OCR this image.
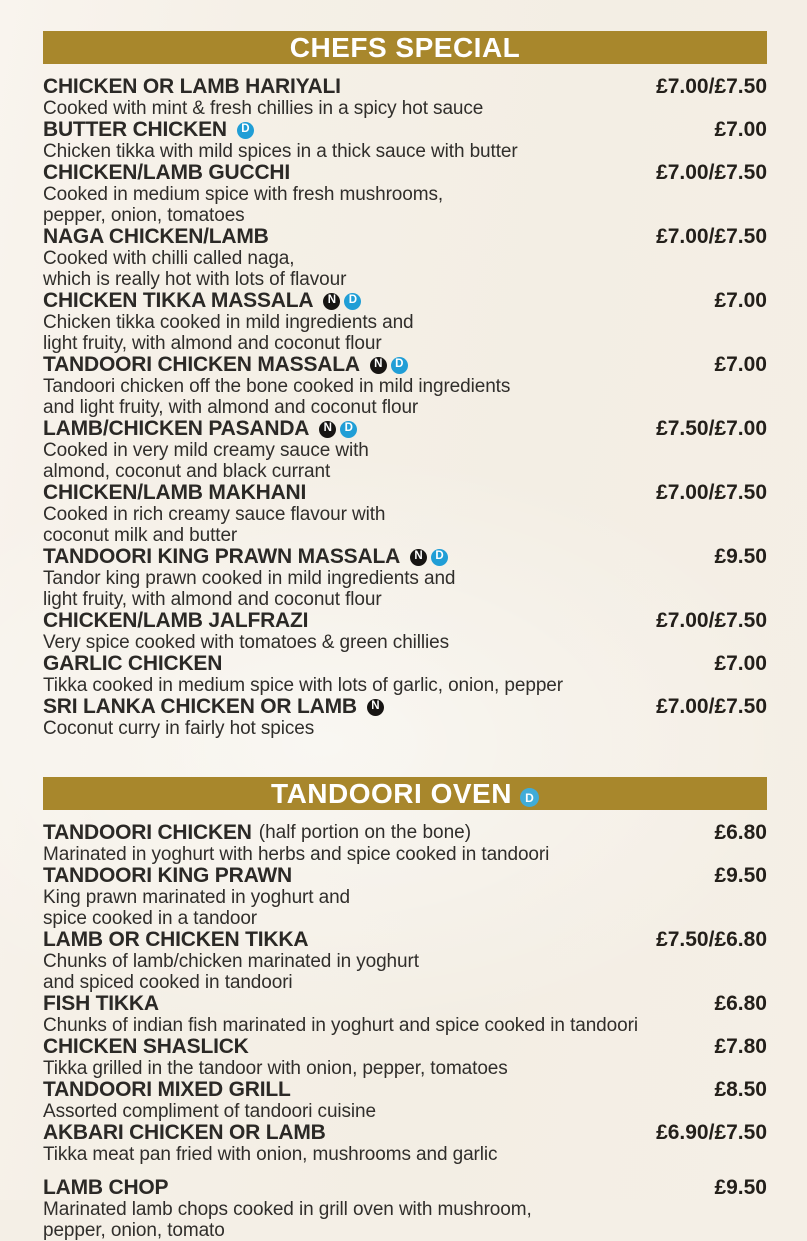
CHEFS SPECIAL
CHICKEN OR LAMB HARIYALI	£7.00/£7.50
Cooked with mint & fresh chillies in a spicy hot sauce
BUTTER CHICKEN	D	£7.00
Chicken tikka with mild spices in a thick sauce with butter
CHICKEN/LAMB GUCCHI	£7.00/£7.50
Cooked in medium spice with fresh mushrooms,
pepper, onion, tomatoes
NAGA CHICKEN/LAMB	£7.00/£7.50
Cooked with chilli called naga,
which is really hot with lots of flavour
CHICKEN TIKKA MASSALA	N	D	£7.00
Chicken tikka cooked in mild ingredients and
light fruity, with almond and coconut flour
TANDOORI CHICKEN MASSALA	N	D	£7.00
Tandoori chicken off the bone cooked in mild ingredients
and light fruity, with almond and coconut flour
LAMB/CHICKEN PASANDA	N	D	£7.50/£7.00
Cooked in very mild creamy sauce with
almond, coconut and black currant
CHICKEN/LAMB MAKHANI	£7.00/£7.50
Cooked in rich creamy sauce flavour with
coconut milk and butter
TANDOORI KING PRAWN MASSALA	N	D	£9.50
Tandor king prawn cooked in mild ingredients and
light fruity, with almond and coconut flour
CHICKEN/LAMB JALFRAZI	£7.00/£7.50
Very spice cooked with tomatoes & green chillies
GARLIC CHICKEN	£7.00
Tikka cooked in medium spice with lots of garlic, onion, pepper
SRI LANKA CHICKEN OR LAMB	N	£7.00/£7.50
Coconut curry in fairly hot spices
TANDOORI OVEN	D
TANDOORI CHICKEN (half portion on the bone)	£6.80
Marinated in yoghurt with herbs and spice cooked in tandoori
TANDOORI KING PRAWN	£9.50
King prawn marinated in yoghurt and
spice cooked in a tandoor
LAMB OR CHICKEN TIKKA	£7.50/£6.80
Chunks of lamb/chicken marinated in yoghurt
and spiced cooked in tandoori
FISH TIKKA	£6.80
Chunks of indian fish marinated in yoghurt and spice cooked in tandoori
CHICKEN SHASLICK	£7.80
Tikka grilled in the tandoor with onion, pepper, tomatoes
TANDOORI MIXED GRILL	£8.50
Assorted compliment of tandoori cuisine
AKBARI CHICKEN OR LAMB	£6.90/£7.50
Tikka meat pan fried with onion, mushrooms and garlic
LAMB CHOP	£9.50
Marinated lamb chops cooked in grill oven with mushroom,
pepper, onion, tomato
